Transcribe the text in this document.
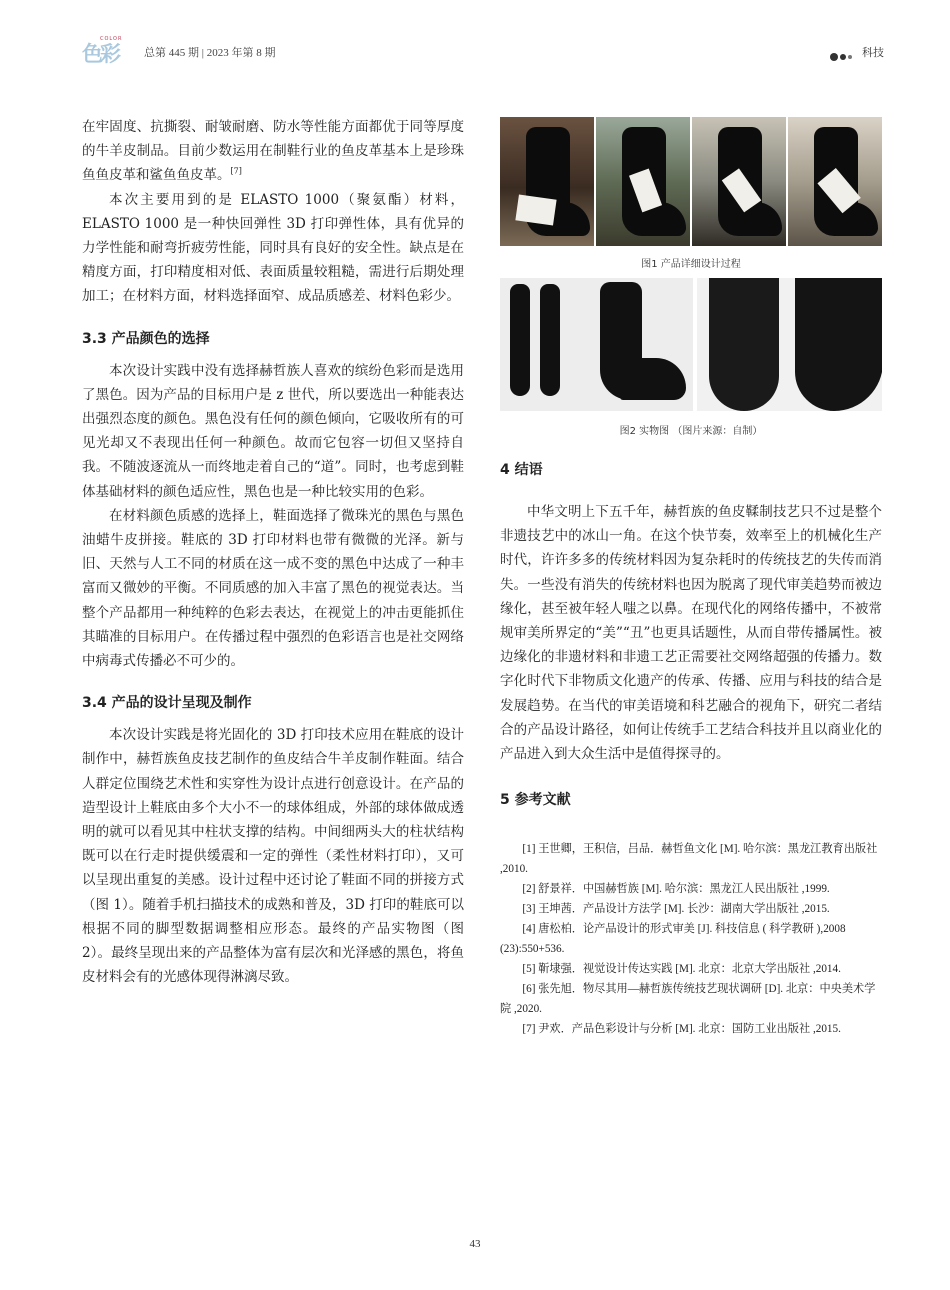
色彩
COLOR
总第 445 期 | 2023 年第 8 期	科技

在牢固度、抗撕裂、耐皱耐磨、防水等性能方面都优于同等厚度的牛羊皮制品。目前少数运用在制鞋行业的鱼皮革基本上是珍珠鱼鱼皮革和鲨鱼鱼皮革。[7]

本次主要用到的是 ELASTO 1000（聚氨酯）材料，ELASTO 1000 是一种快回弹性 3D 打印弹性体，具有优异的力学性能和耐弯折疲劳性能，同时具有良好的安全性。缺点是在精度方面，打印精度相对低、表面质量较粗糙，需进行后期处理加工；在材料方面，材料选择面窄、成品质感差、材料色彩少。

3.3 产品颜色的选择

本次设计实践中没有选择赫哲族人喜欢的缤纷色彩而是选用了黑色。因为产品的目标用户是 z 世代，所以要选出一种能表达出强烈态度的颜色。黑色没有任何的颜色倾向，它吸收所有的可见光却又不表现出任何一种颜色。故而它包容一切但又坚持自我。不随波逐流从一而终地走着自己的“道”。同时，也考虑到鞋体基础材料的颜色适应性，黑色也是一种比较实用的色彩。

在材料颜色质感的选择上，鞋面选择了微珠光的黑色与黑色油蜡牛皮拼接。鞋底的 3D 打印材料也带有微微的光泽。新与旧、天然与人工不同的材质在这一成不变的黑色中达成了一种丰富而又微妙的平衡。不同质感的加入丰富了黑色的视觉表达。当整个产品都用一种纯粹的色彩去表达，在视觉上的冲击更能抓住其瞄准的目标用户。在传播过程中强烈的色彩语言也是社交网络中病毒式传播必不可少的。

3.4 产品的设计呈现及制作

本次设计实践是将光固化的 3D 打印技术应用在鞋底的设计制作中，赫哲族鱼皮技艺制作的鱼皮结合牛羊皮制作鞋面。结合人群定位围绕艺术性和实穿性为设计点进行创意设计。在产品的造型设计上鞋底由多个大小不一的球体组成，外部的球体做成透明的就可以看见其中柱状支撑的结构。中间细两头大的柱状结构既可以在行走时提供缓震和一定的弹性（柔性材料打印），又可以呈现出重复的美感。设计过程中还讨论了鞋面不同的拼接方式（图 1）。随着手机扫描技术的成熟和普及，3D 打印的鞋底可以根据不同的脚型数据调整相应形态。最终的产品实物图（图 2）。最终呈现出来的产品整体为富有层次和光泽感的黑色，将鱼皮材料会有的光感体现得淋漓尽致。

图1 产品详细设计过程
图2 实物图 （图片来源：自制）
4 结语

中华文明上下五千年，赫哲族的鱼皮鞣制技艺只不过是整个非遗技艺中的冰山一角。在这个快节奏，效率至上的机械化生产时代，许许多多的传统材料因为复杂耗时的传统技艺的失传而消失。一些没有消失的传统材料也因为脱离了现代审美趋势而被边缘化，甚至被年轻人嗤之以鼻。在现代化的网络传播中，不被常规审美所界定的“美”“丑”也更具话题性，从而自带传播属性。被边缘化的非遗材料和非遗工艺正需要社交网络超强的传播力。数字化时代下非物质文化遗产的传承、传播、应用与科技的结合是发展趋势。在当代的审美语境和科艺融合的视角下，研究二者结合的产品设计路径，如何让传统手工艺结合科技并且以商业化的产品进入到大众生活中是值得探寻的。

5 参考文献

[1] 王世卿，王积信，吕品．赫哲鱼文化 [M]. 哈尔滨：黑龙江教育出版社 ,2010.

[2] 舒景祥．中国赫哲族 [M]. 哈尔滨：黑龙江人民出版社 ,1999.

[3] 王坤茜．产品设计方法学 [M]. 长沙：湖南大学出版社 ,2015.

[4] 唐松柏．论产品设计的形式审美 [J]. 科技信息 ( 科学教研 ),2008 (23):550+536.

[5] 靳埭强．视觉设计传达实践 [M]. 北京：北京大学出版社 ,2014.

[6] 张先旭．物尽其用—赫哲族传统技艺现状调研 [D]. 北京：中央美术学院 ,2020.

[7] 尹欢．产品色彩设计与分析 [M]. 北京：国防工业出版社 ,2015.

43
